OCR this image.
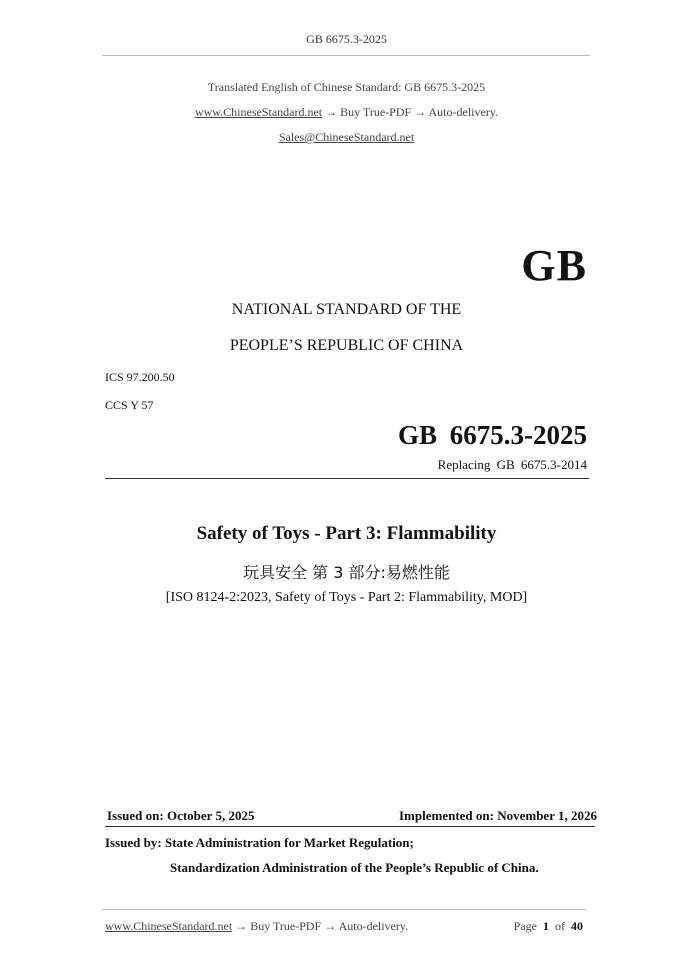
GB 6675.3-2025
Translated English of Chinese Standard: GB 6675.3-2025
www.ChineseStandard.net → Buy True-PDF → Auto-delivery.
Sales@ChineseStandard.net
GB
NATIONAL STANDARD OF THE
PEOPLE’S REPUBLIC OF CHINA
ICS 97.200.50
CCS Y 57
GB 6675.3-2025
Replacing GB 6675.3-2014
Safety of Toys - Part 3: Flammability
玩具安全 第 3 部分:易燃性能
[ISO 8124-2:2023, Safety of Toys - Part 2: Flammability, MOD]
Issued on: October 5, 2025	Implemented on: November 1, 2026
Issued by: State Administration for Market Regulation;
Standardization Administration of the People’s Republic of China.
www.ChineseStandard.net → Buy True-PDF → Auto-delivery.	Page 1 of 40
